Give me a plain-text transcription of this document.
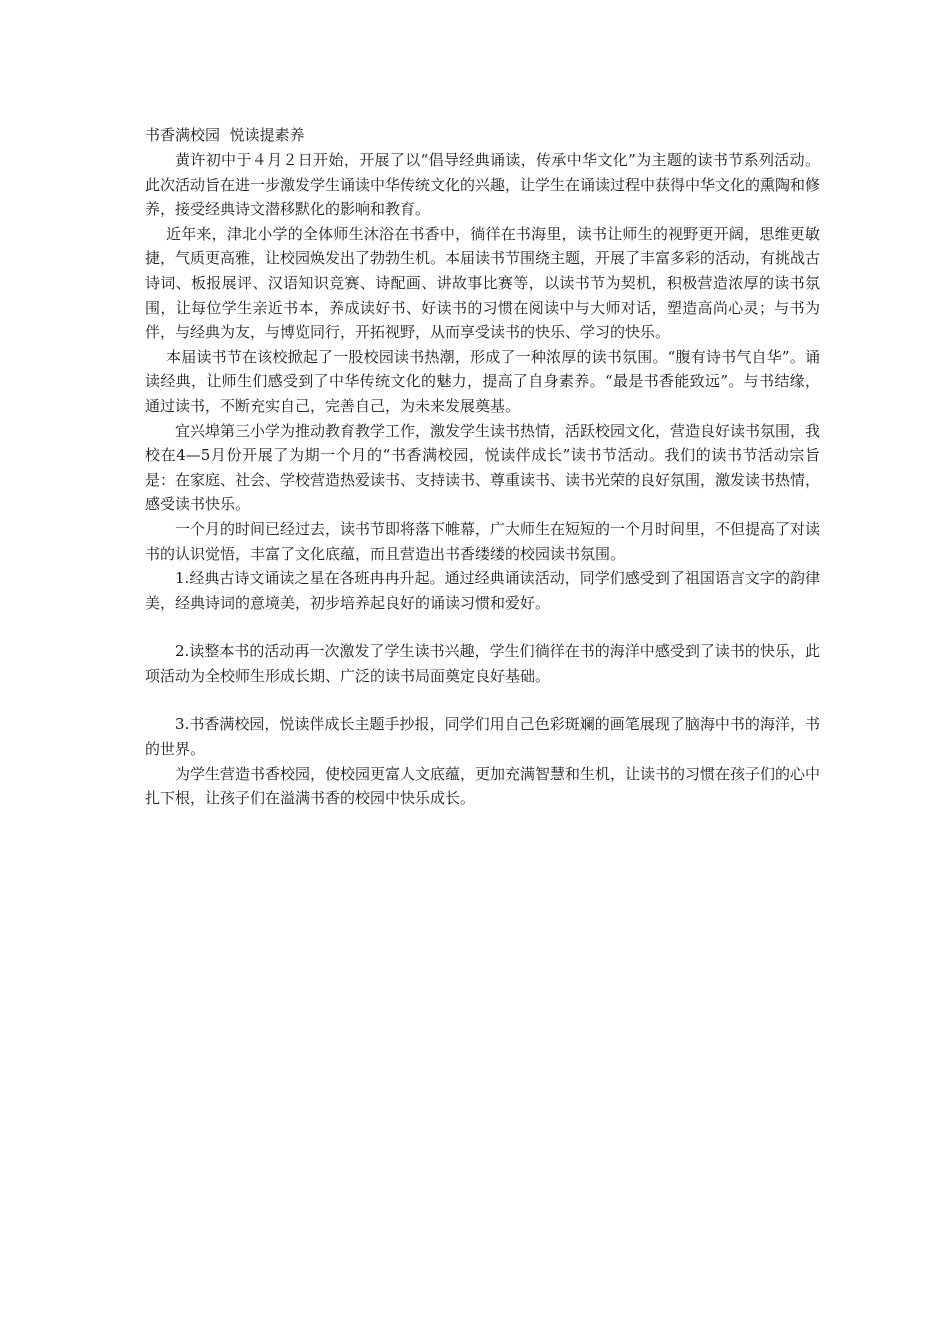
书香满校园  悦读提素养

黄许初中于４月２日开始，开展了以“倡导经典诵读，传承中华文化”为主题的读书节系列活动。此次活动旨在进一步激发学生诵读中华传统文化的兴趣，让学生在诵读过程中获得中华文化的熏陶和修养，接受经典诗文潜移默化的影响和教育。

近年来，津北小学的全体师生沐浴在书香中，徜徉在书海里，读书让师生的视野更开阔，思维更敏捷，气质更高雅，让校园焕发出了勃勃生机。本届读书节围绕主题，开展了丰富多彩的活动，有挑战古诗词、板报展评、汉语知识竞赛、诗配画、讲故事比赛等，以读书节为契机，积极营造浓厚的读书氛围，让每位学生亲近书本，养成读好书、好读书的习惯在阅读中与大师对话，塑造高尚心灵；与书为伴，与经典为友，与博览同行，开拓视野，从而享受读书的快乐、学习的快乐。

本届读书节在该校掀起了一股校园读书热潮，形成了一种浓厚的读书氛围。“腹有诗书气自华”。诵读经典，让师生们感受到了中华传统文化的魅力，提高了自身素养。“最是书香能致远”。与书结缘，通过读书，不断充实自己，完善自己，为未来发展奠基。

宜兴埠第三小学为推动教育教学工作，激发学生读书热情，活跃校园文化，营造良好读书氛围，我校在4—5月份开展了为期一个月的“书香满校园，悦读伴成长”读书节活动。我们的读书节活动宗旨是：在家庭、社会、学校营造热爱读书、支持读书、尊重读书、读书光荣的良好氛围，激发读书热情，感受读书快乐。

一个月的时间已经过去，读书节即将落下帷幕，广大师生在短短的一个月时间里，不但提高了对读书的认识觉悟，丰富了文化底蕴，而且营造出书香缕缕的校园读书氛围。

1.经典古诗文诵读之星在各班冉冉升起。通过经典诵读活动，同学们感受到了祖国语言文字的韵律美，经典诗词的意境美，初步培养起良好的诵读习惯和爱好。

2.读整本书的活动再一次激发了学生读书兴趣，学生们徜徉在书的海洋中感受到了读书的快乐，此项活动为全校师生形成长期、广泛的读书局面奠定良好基础。

3.书香满校园，悦读伴成长主题手抄报，同学们用自己色彩斑斓的画笔展现了脑海中书的海洋，书的世界。

为学生营造书香校园，使校园更富人文底蕴，更加充满智慧和生机，让读书的习惯在孩子们的心中扎下根，让孩子们在溢满书香的校园中快乐成长。
